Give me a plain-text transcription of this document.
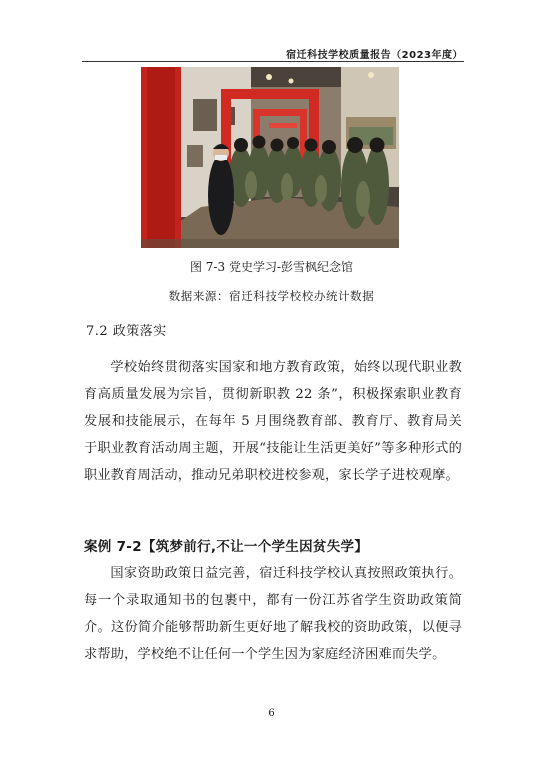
宿迁科技学校质量报告（2023年度）
图 7-3 党史学习-彭雪枫纪念馆
数据来源：宿迁科技学校校办统计数据
7.2 政策落实

学校始终贯彻落实国家和地方教育政策，始终以现代职业教育高质量发展为宗旨，贯彻新职教 22 条”，积极探索职业教育发展和技能展示，在每年 5 月围绕教育部、教育厅、教育局关于职业教育活动周主题，开展“技能让生活更美好”等多种形式的职业教育周活动，推动兄弟职校进校参观，家长学子进校观摩。

案例 7-2【筑梦前行,不让一个学生因贫失学】

国家资助政策日益完善，宿迁科技学校认真按照政策执行。每一个录取通知书的包裹中，都有一份江苏省学生资助政策简介。这份简介能够帮助新生更好地了解我校的资助政策，以便寻求帮助，学校绝不让任何一个学生因为家庭经济困难而失学。

6
